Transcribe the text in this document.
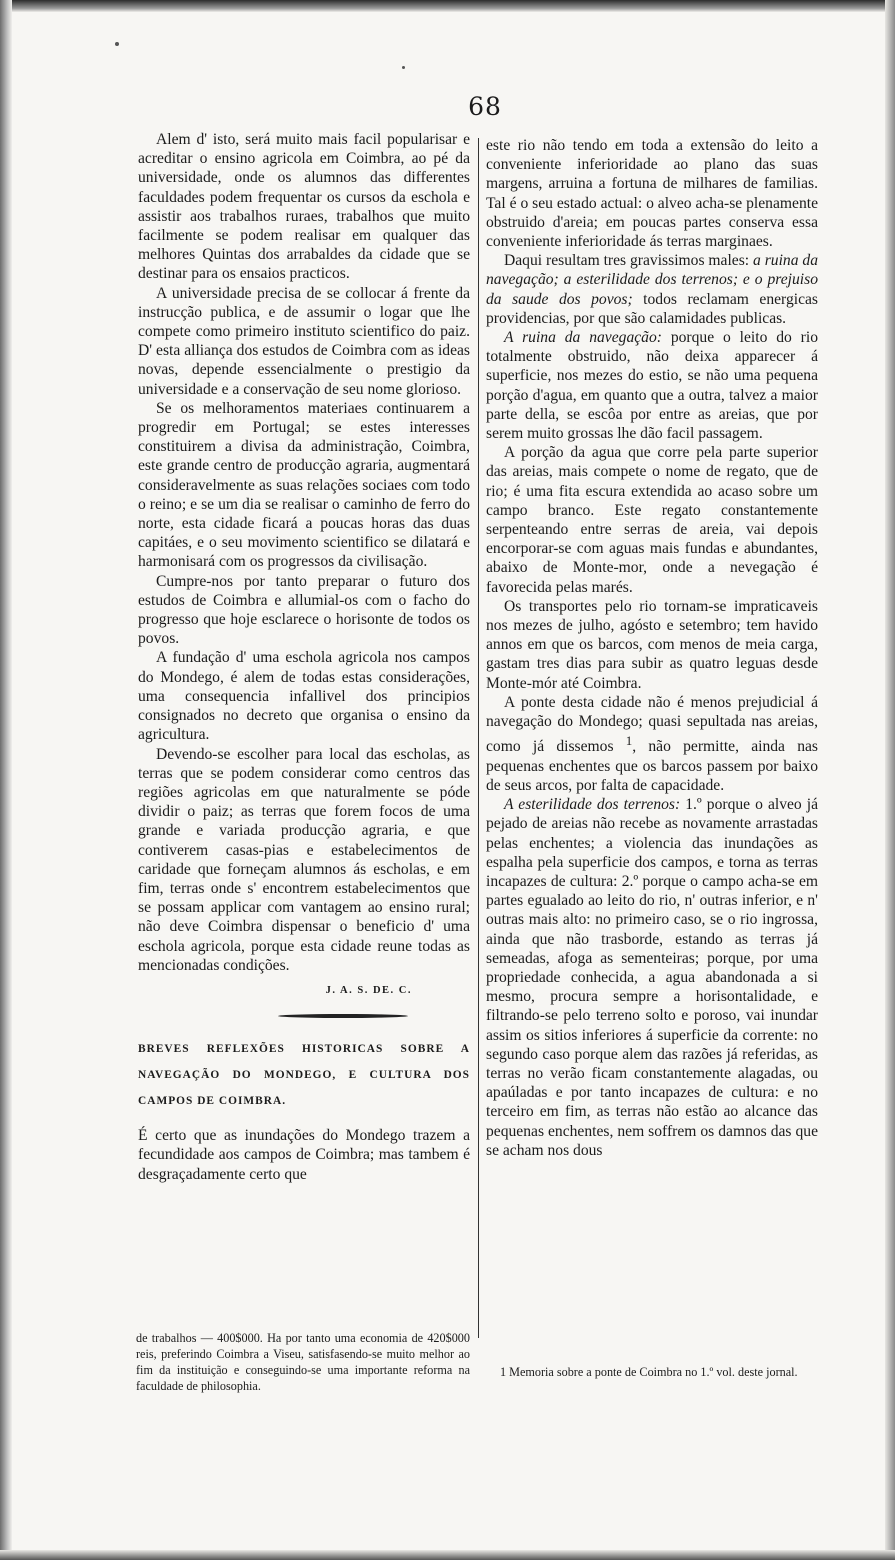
68

Alem d' isto, será muito mais facil popularisar e acreditar o ensino agricola em Coimbra, ao pé da universidade, onde os alumnos das differentes faculdades podem frequentar os cursos da eschola e assistir aos trabalhos ruraes, trabalhos que muito facilmente se podem realisar em qualquer das melhores Quintas dos arrabaldes da cidade que se destinar para os ensaios practicos.

A universidade precisa de se collocar á frente da instrucção publica, e de assumir o logar que lhe compete como primeiro instituto scientifico do paiz. D' esta alliança dos estudos de Coimbra com as ideas novas, depende essencialmente o prestigio da universidade e a conservação de seu nome glorioso.

Se os melhoramentos materiaes continuarem a progredir em Portugal; se estes interesses constituirem a divisa da administração, Coimbra, este grande centro de producção agraria, augmentará consideravelmente as suas relações sociaes com todo o reino; e se um dia se realisar o caminho de ferro do norte, esta cidade ficará a poucas horas das duas capitáes, e o seu movimento scientifico se dilatará e harmonisará com os progressos da civilisação.

Cumpre-nos por tanto preparar o futuro dos estudos de Coimbra e allumial-os com o facho do progresso que hoje esclarece o horisonte de todos os povos.

A fundação d' uma eschola agricola nos campos do Mondego, é alem de todas estas considerações, uma consequencia infallivel dos principios consignados no decreto que organisa o ensino da agricultura.

Devendo-se escolher para local das escholas, as terras que se podem considerar como centros das regiões agricolas em que naturalmente se póde dividir o paiz; as terras que forem focos de uma grande e variada producção agraria, e que contiverem casas-pias e estabelecimentos de caridade que forneçam alumnos ás escholas, e em fim, terras onde s' encontrem estabelecimentos que se possam applicar com vantagem ao ensino rural; não deve Coimbra dispensar o beneficio d' uma eschola agricola, porque esta cidade reune todas as mencionadas condições.

J. A. S. DE. C.

BREVES REFLEXÕES HISTORICAS SOBRE A NAVEGAÇÃO DO MONDEGO, E CULTURA DOS CAMPOS DE COIMBRA.

É certo que as inundações do Mondego trazem a fecundidade aos campos de Coimbra; mas tambem é desgraçadamente certo que

de trabalhos — 400$000. Ha por tanto uma economia de 420$000 reis, preferindo Coimbra a Viseu, satisfasendo-se muito melhor ao fim da instituição e conseguindo-se uma importante reforma na faculdade de philosophia.

este rio não tendo em toda a extensão do leito a conveniente inferioridade ao plano das suas margens, arruina a fortuna de milhares de familias. Tal é o seu estado actual: o alveo acha-se plenamente obstruido d'areia; em poucas partes conserva essa conveniente inferioridade ás terras marginaes.

Daqui resultam tres gravissimos males: a ruina da navegação; a esterilidade dos terrenos; e o prejuiso da saude dos povos; todos reclamam energicas providencias, por que são calamidades publicas.

A ruina da navegação: porque o leito do rio totalmente obstruido, não deixa apparecer á superficie, nos mezes do estio, se não uma pequena porção d'agua, em quanto que a outra, talvez a maior parte della, se escôa por entre as areias, que por serem muito grossas lhe dão facil passagem.

A porção da agua que corre pela parte superior das areias, mais compete o nome de regato, que de rio; é uma fita escura extendida ao acaso sobre um campo branco. Este regato constantemente serpenteando entre serras de areia, vai depois encorporar-se com aguas mais fundas e abundantes, abaixo de Monte-mor, onde a nevegação é favorecida pelas marés.

Os transportes pelo rio tornam-se impraticaveis nos mezes de julho, agósto e setembro; tem havido annos em que os barcos, com menos de meia carga, gastam tres dias para subir as quatro leguas desde Monte-mór até Coimbra.

A ponte desta cidade não é menos prejudicial á navegação do Mondego; quasi sepultada nas areias, como já dissemos $^1$, não permitte, ainda nas pequenas enchentes que os barcos passem por baixo de seus arcos, por falta de capacidade.

A esterilidade dos terrenos: 1.º porque o alveo já pejado de areias não recebe as novamente arrastadas pelas enchentes; a violencia das inundações as espalha pela superficie dos campos, e torna as terras incapazes de cultura: 2.º porque o campo acha-se em partes egualado ao leito do rio, n' outras inferior, e n' outras mais alto: no primeiro caso, se o rio ingrossa, ainda que não trasborde, estando as terras já semeadas, afoga as sementeiras; porque, por uma propriedade conhecida, a agua abandonada a si mesmo, procura sempre a horisontalidade, e filtrando-se pelo terreno solto e poroso, vai inundar assim os sitios inferiores á superficie da corrente: no segundo caso porque alem das razões já referidas, as terras no verão ficam constantemente alagadas, ou apaúladas e por tanto incapazes de cultura: e no terceiro em fim, as terras não estão ao alcance das pequenas enchentes, nem soffrem os damnos das que se acham nos dous

1 Memoria sobre a ponte de Coimbra no 1.º vol. deste jornal.
